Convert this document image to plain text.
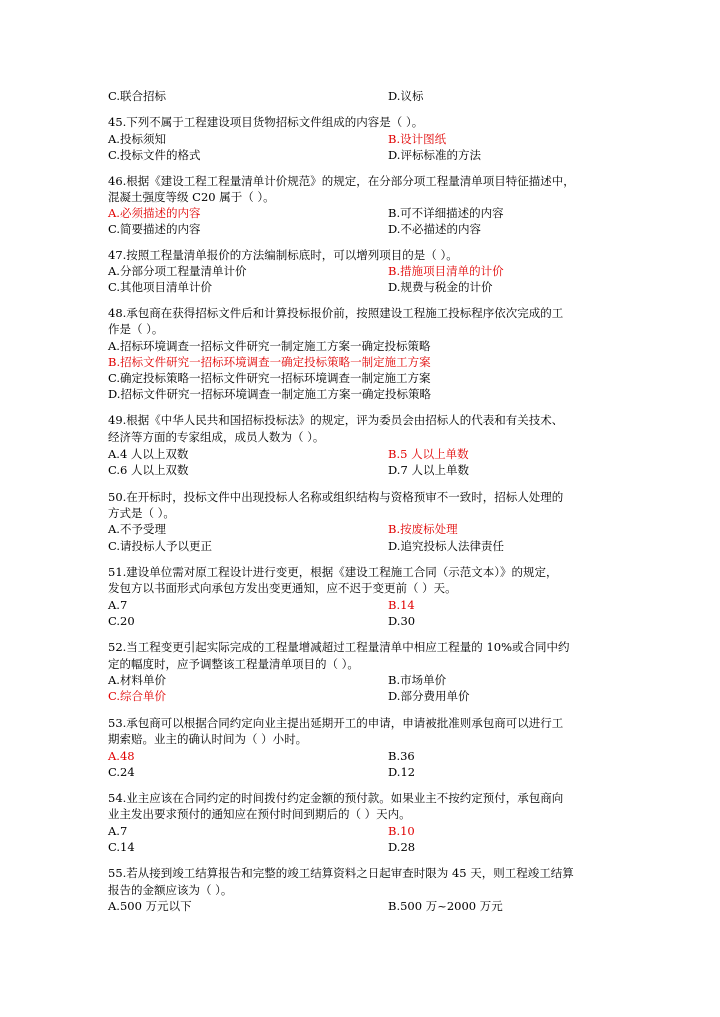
C.联合招标	D.议标
45.下列不属于工程建设项目货物招标文件组成的内容是（ ）。
A.投标须知	B.设计图纸
C.投标文件的格式	D.评标标准的方法
46.根据《建设工程工程量清单计价规范》的规定，在分部分项工程量清单项目特征描述中，
混凝土强度等级 C20 属于（ ）。
A.必须描述的内容	B.可不详细描述的内容
C.简要描述的内容	D.不必描述的内容
47.按照工程量清单报价的方法编制标底时，可以增列项目的是（ ）。
A.分部分项工程量清单计价	B.措施项目清单的计价
C.其他项目清单计价	D.规费与税金的计价
48.承包商在获得招标文件后和计算投标报价前，按照建设工程施工投标程序依次完成的工
作是（ ）。
A.招标环境调查一招标文件研究一制定施工方案一确定投标策略
B.招标文件研究一招标环境调查一确定投标策略一制定施工方案
C.确定投标策略一招标文件研究一招标环境调查一制定施工方案
D.招标文件研究一招标环境调查一制定施工方案一确定投标策略
49.根据《中华人民共和国招标投标法》的规定，评为委员会由招标人的代表和有关技术、
经济等方面的专家组成，成员人数为（ ）。
A.4 人以上双数	B.5 人以上单数
C.6 人以上双数	D.7 人以上单数
50.在开标时，投标文件中出现投标人名称或组织结构与资格预审不一致时，招标人处理的
方式是（ ）。
A.不予受理	B.按废标处理
C.请投标人予以更正	D.追究投标人法律责任
51.建设单位需对原工程设计进行变更，根据《建设工程施工合同（示范文本）》的规定，
发包方以书面形式向承包方发出变更通知，应不迟于变更前（ ）天。
A.7	B.14
C.20	D.30
52.当工程变更引起实际完成的工程量增减超过工程量清单中相应工程量的 10%或合同中约
定的幅度时，应予调整该工程量清单项目的（ ）。
A.材料单价	B.市场单价
C.综合单价	D.部分费用单价
53.承包商可以根据合同约定向业主提出延期开工的申请，申请被批准则承包商可以进行工
期索赔。业主的确认时间为（ ）小时。
A.48	B.36
C.24	D.12
54.业主应该在合同约定的时间拨付约定金额的预付款。如果业主不按约定预付，承包商向
业主发出要求预付的通知应在预付时间到期后的（ ）天内。
A.7	B.10
C.14	D.28
55.若从接到竣工结算报告和完整的竣工结算资料之日起审查时限为 45 天，则工程竣工结算
报告的金额应该为（ ）。
A.500 万元以下	B.500 万~2000 万元
